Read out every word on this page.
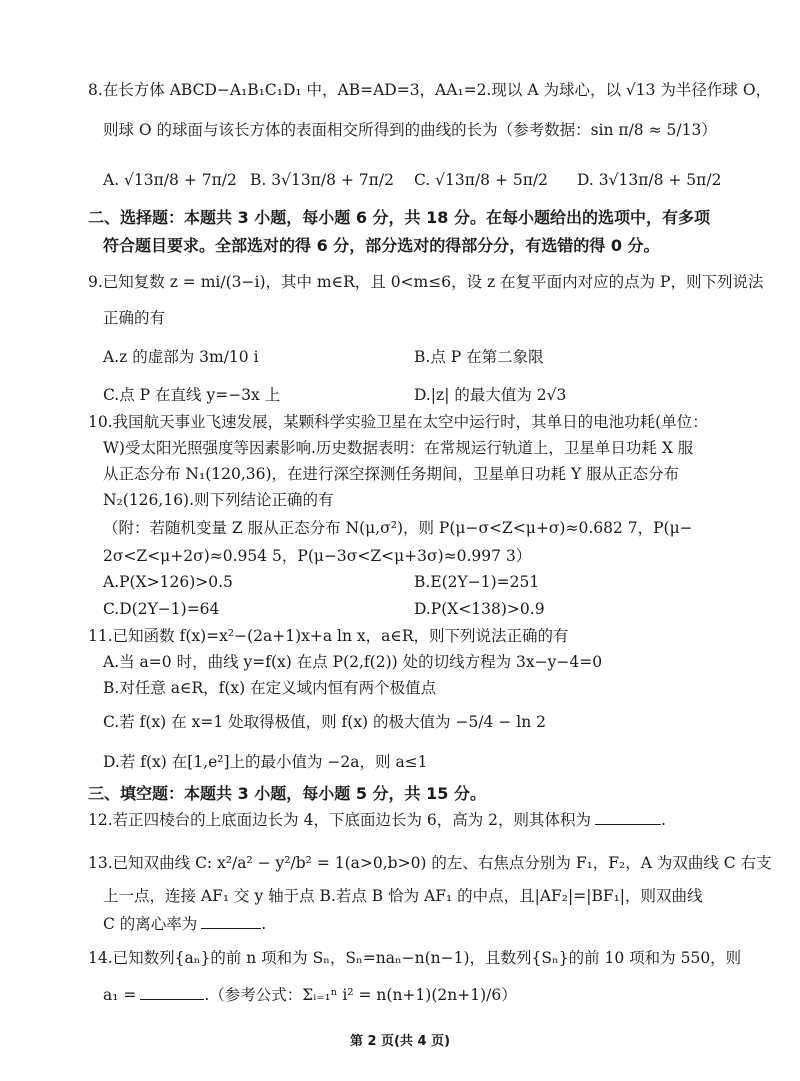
8.在长方体 ABCD−A₁B₁C₁D₁ 中，AB=AD=3，AA₁=2.现以 A 为球心，以 √13 为半径作球 O，
则球 O 的球面与该长方体的表面相交所得到的曲线的长为（参考数据：sin π/8 ≈ 5/13）
A. √13π/8 + 7π/2 B. 3√13π/8 + 7π/2 C. √13π/8 + 5π/2 D. 3√13π/8 + 5π/2
二、选择题：本题共 3 小题，每小题 6 分，共 18 分。在每小题给出的选项中，有多项
符合题目要求。全部选对的得 6 分，部分选对的得部分分，有选错的得 0 分。
9.已知复数 z = mi/(3−i)，其中 m∈R，且 0<m≤6，设 z 在复平面内对应的点为 P，则下列说法
正确的有
A.z 的虚部为 3m/10 i	B.点 P 在第二象限
C.点 P 在直线 y=−3x 上	D.|z| 的最大值为 2√3
10.我国航天事业飞速发展，某颗科学实验卫星在太空中运行时，其单日的电池功耗(单位：
W)受太阳光照强度等因素影响.历史数据表明：在常规运行轨道上，卫星单日功耗 X 服
从正态分布 N₁(120,36)，在进行深空探测任务期间，卫星单日功耗 Y 服从正态分布
N₂(126,16).则下列结论正确的有
（附：若随机变量 Z 服从正态分布 N(μ,σ²)，则 P(μ−σ<Z<μ+σ)≈0.682 7，P(μ−
2σ<Z<μ+2σ)≈0.954 5，P(μ−3σ<Z<μ+3σ)≈0.997 3）
A.P(X>126)>0.5	B.E(2Y−1)=251
C.D(2Y−1)=64	D.P(X<138)>0.9
11.已知函数 f(x)=x²−(2a+1)x+a ln x，a∈R，则下列说法正确的有
A.当 a=0 时，曲线 y=f(x) 在点 P(2,f(2)) 处的切线方程为 3x−y−4=0
B.对任意 a∈R，f(x) 在定义域内恒有两个极值点
C.若 f(x) 在 x=1 处取得极值，则 f(x) 的极大值为 −5/4 − ln 2
D.若 f(x) 在[1,e²]上的最小值为 −2a，则 a≤1
三、填空题：本题共 3 小题，每小题 5 分，共 15 分。
12.若正四棱台的上底面边长为 4，下底面边长为 6，高为 2，则其体积为	.
13.已知双曲线 C: x²/a² − y²/b² = 1(a>0,b>0) 的左、右焦点分别为 F₁，F₂，A 为双曲线 C 右支
上一点，连接 AF₁ 交 y 轴于点 B.若点 B 恰为 AF₁ 的中点，且|AF₂|=|BF₁|，则双曲线
C 的离心率为	.
14.已知数列{aₙ}的前 n 项和为 Sₙ，Sₙ=naₙ−n(n−1)，且数列{Sₙ}的前 10 项和为 550，则
a₁ =	.（参考公式：Σᵢ₌₁ⁿ i² = n(n+1)(2n+1)/6）
第 2 页(共 4 页)
